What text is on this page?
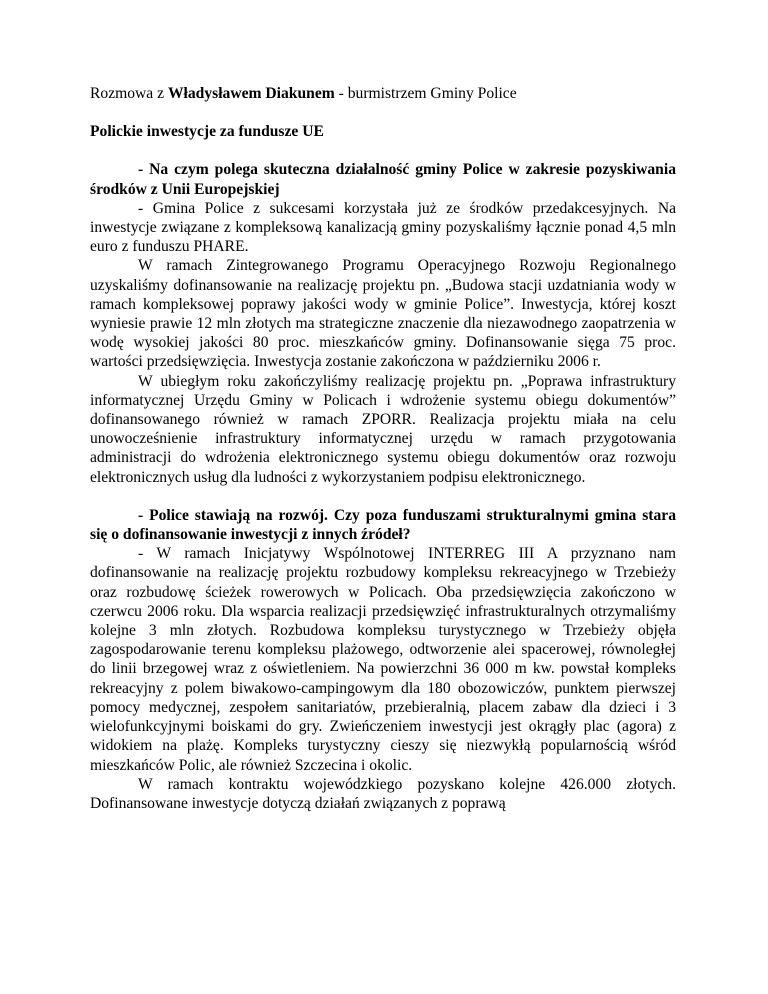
Rozmowa z Władysławem Diakunem - burmistrzem Gminy Police

Polickie inwestycje za fundusze UE

- Na czym polega skuteczna działalność gminy Police w zakresie pozyskiwania środków z Unii Europejskiej

- Gmina Police z sukcesami korzystała już ze środków przedakcesyjnych. Na inwestycje związane z kompleksową kanalizacją gminy pozyskaliśmy łącznie ponad 4,5 mln euro z funduszu PHARE.

W ramach Zintegrowanego Programu Operacyjnego Rozwoju Regionalnego uzyskaliśmy dofinansowanie na realizację projektu pn. „Budowa stacji uzdatniania wody w ramach kompleksowej poprawy jakości wody w gminie Police”. Inwestycja, której koszt wyniesie prawie 12 mln złotych ma strategiczne znaczenie dla niezawodnego zaopatrzenia w wodę wysokiej jakości 80 proc. mieszkańców gminy. Dofinansowanie sięga 75 proc. wartości przedsięwzięcia. Inwestycja zostanie zakończona w październiku 2006 r.

W ubiegłym roku zakończyliśmy realizację projektu pn. „Poprawa infrastruktury informatycznej Urzędu Gminy w Policach i wdrożenie systemu obiegu dokumentów” dofinansowanego również w ramach ZPORR. Realizacja projektu miała na celu unowocześnienie infrastruktury informatycznej urzędu w ramach przygotowania administracji do wdrożenia elektronicznego systemu obiegu dokumentów oraz rozwoju elektronicznych usług dla ludności z wykorzystaniem podpisu elektronicznego.

- Police stawiają na rozwój. Czy poza funduszami strukturalnymi gmina stara się o dofinansowanie inwestycji z innych źródeł?

- W ramach Inicjatywy Wspólnotowej INTERREG III A przyznano nam dofinansowanie na realizację projektu rozbudowy kompleksu rekreacyjnego w Trzebieży oraz rozbudowę ścieżek rowerowych w Policach. Oba przedsięwzięcia zakończono w czerwcu 2006 roku. Dla wsparcia realizacji przedsięwzięć infrastrukturalnych otrzymaliśmy kolejne 3 mln złotych. Rozbudowa kompleksu turystycznego w Trzebieży objęła zagospodarowanie terenu kompleksu plażowego, odtworzenie alei spacerowej, równoległej do linii brzegowej wraz z oświetleniem. Na powierzchni 36 000 m kw. powstał kompleks rekreacyjny z polem biwakowo-campingowym dla 180 obozowiczów, punktem pierwszej pomocy medycznej, zespołem sanitariatów, przebieralnią, placem zabaw dla dzieci i 3 wielofunkcyjnymi boiskami do gry. Zwieńczeniem inwestycji jest okrągły plac (agora) z widokiem na plażę. Kompleks turystyczny cieszy się niezwykłą popularnością wśród mieszkańców Polic, ale również Szczecina i okolic.

W ramach kontraktu wojewódzkiego pozyskano kolejne 426.000 złotych. Dofinansowane inwestycje dotyczą działań związanych z poprawą
